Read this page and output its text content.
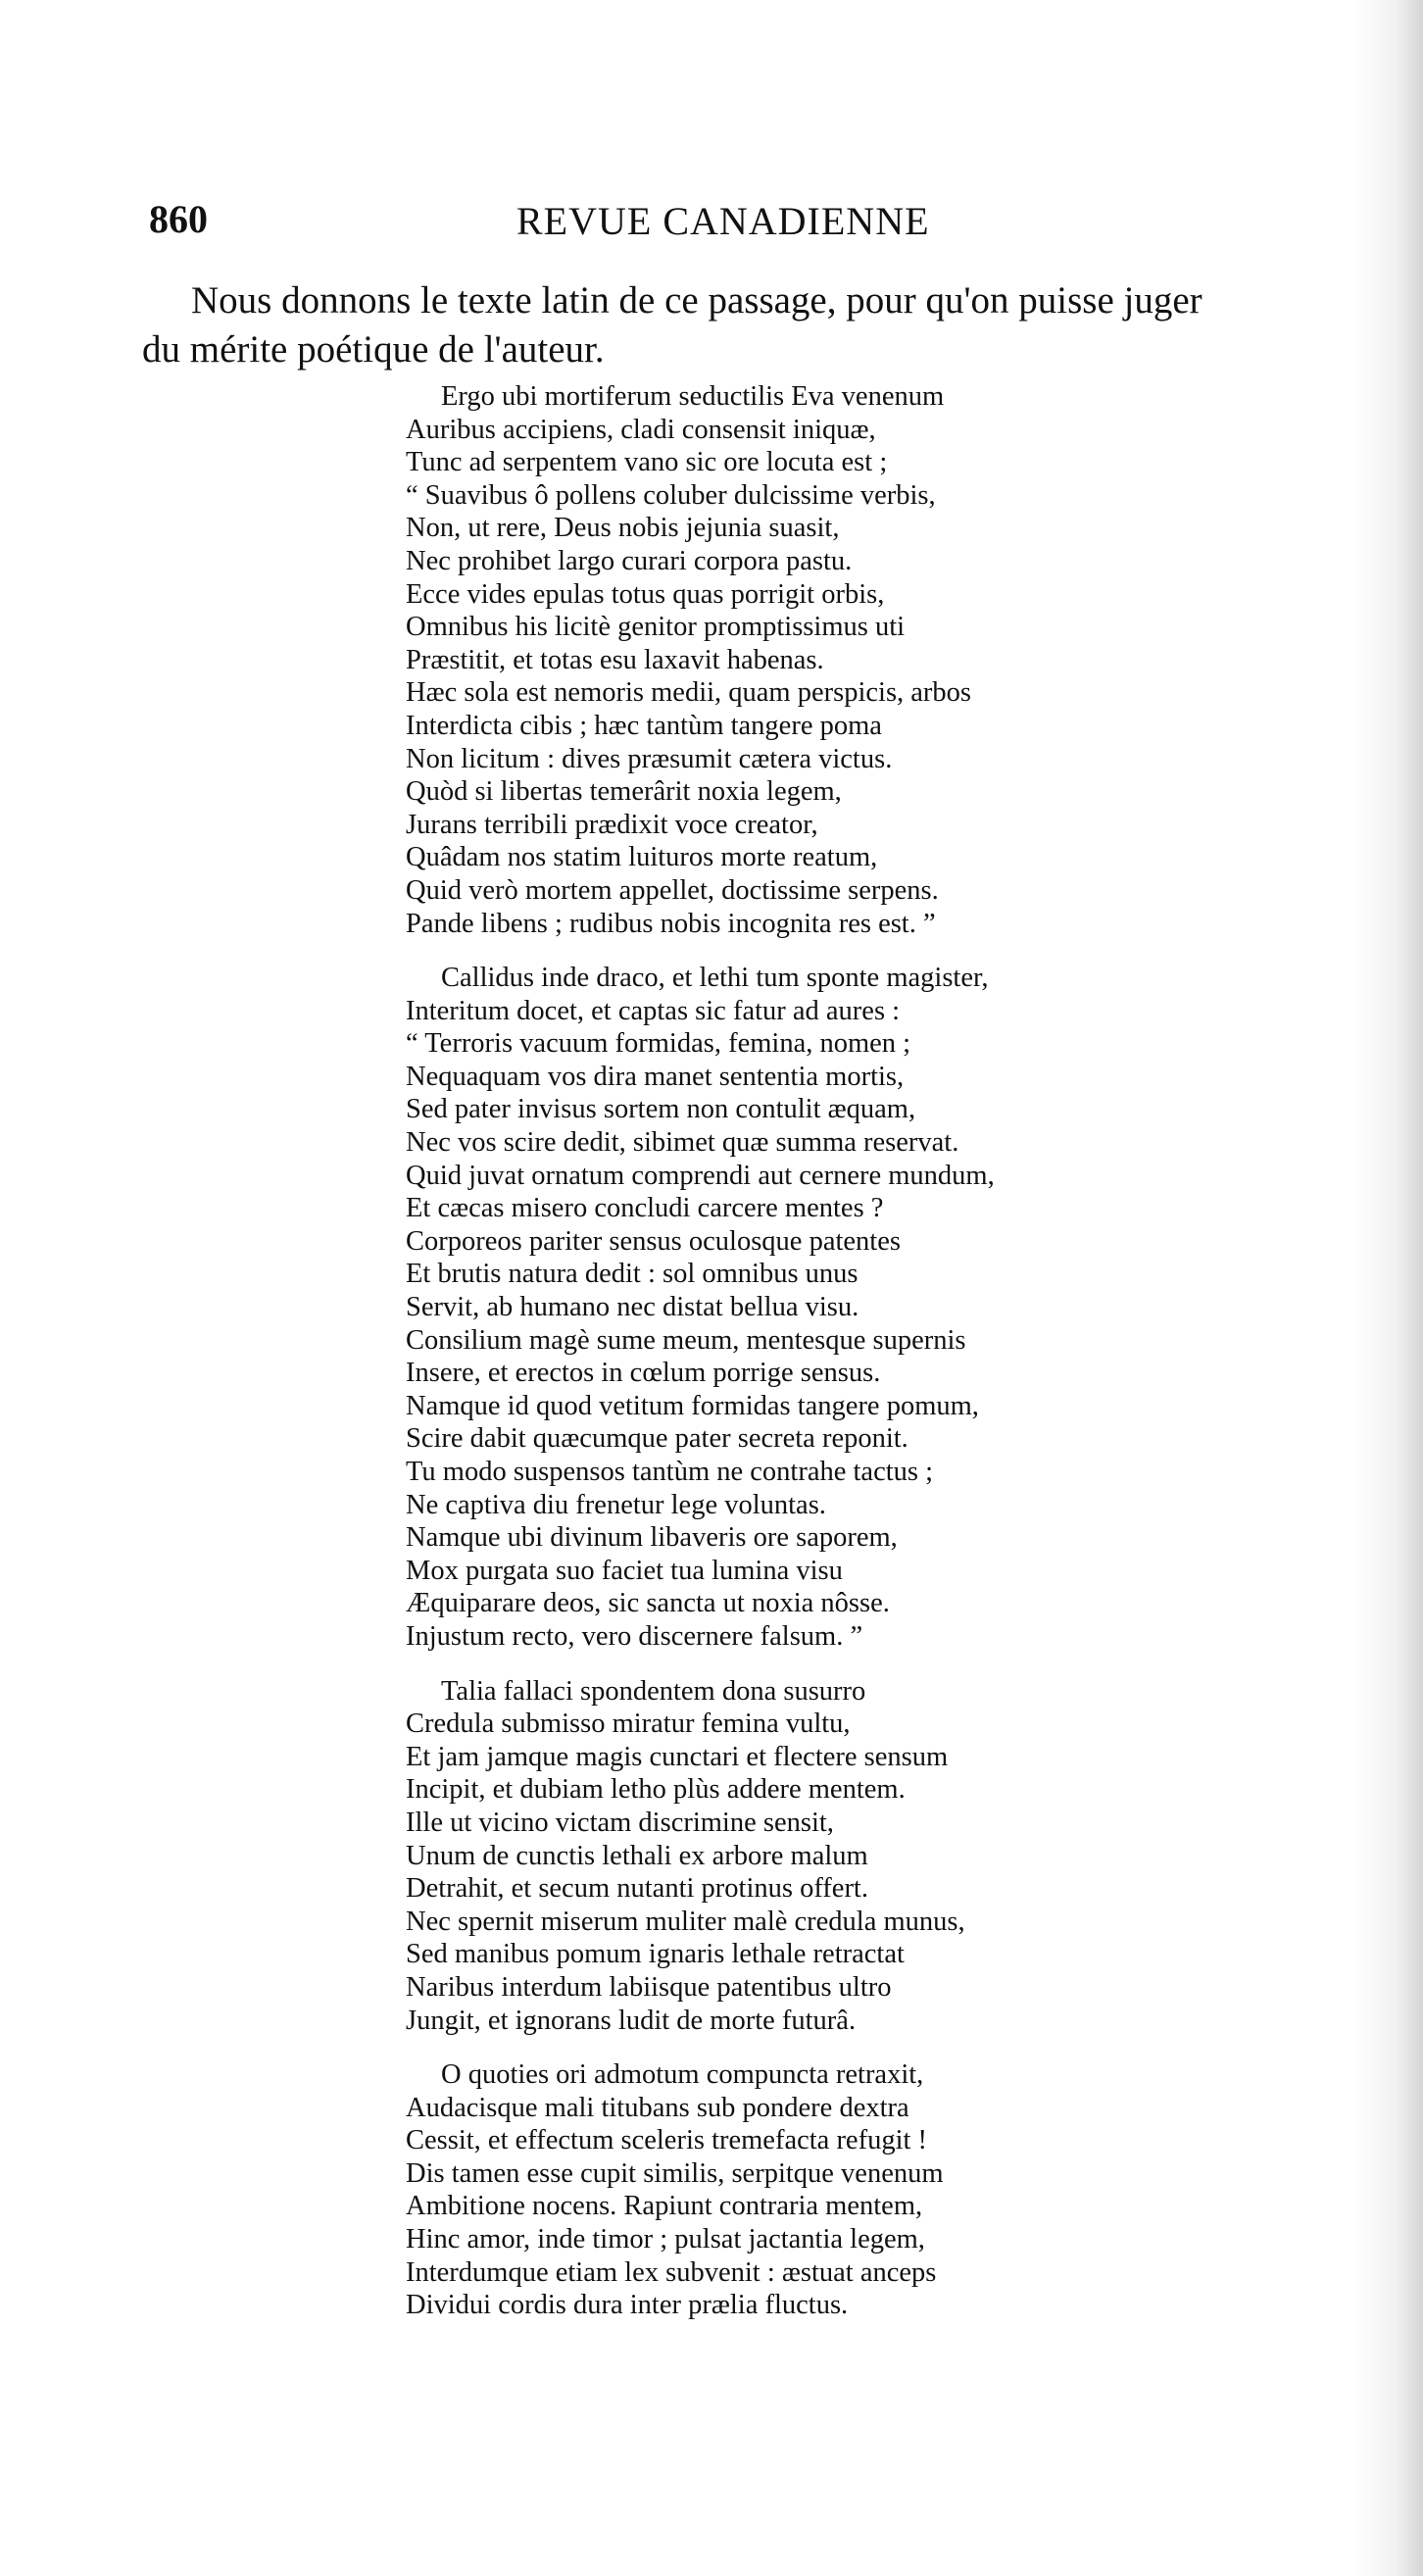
860	REVUE CANADIENNE
Nous donnons le texte latin de ce passage, pour qu'on puisse juger
du mérite poétique de l'auteur.
Ergo ubi mortiferum seductilis Eva venenum
Auribus accipiens, cladi consensit iniquæ,
Tunc ad serpentem vano sic ore locuta est ;
“ Suavibus ô pollens coluber dulcissime verbis,
Non, ut rere, Deus nobis jejunia suasit,
Nec prohibet largo curari corpora pastu.
Ecce vides epulas totus quas porrigit orbis,
Omnibus his licitè genitor promptissimus uti
Præstitit, et totas esu laxavit habenas.
Hæc sola est nemoris medii, quam perspicis, arbos
Interdicta cibis ; hæc tantùm tangere poma
Non licitum : dives præsumit cætera victus.
Quòd si libertas temerârit noxia legem,
Jurans terribili prædixit voce creator,
Quâdam nos statim luituros morte reatum,
Quid verò mortem appellet, doctissime serpens.
Pande libens ; rudibus nobis incognita res est. ”
Callidus inde draco, et lethi tum sponte magister,
Interitum docet, et captas sic fatur ad aures :
“ Terroris vacuum formidas, femina, nomen ;
Nequaquam vos dira manet sententia mortis,
Sed pater invisus sortem non contulit æquam,
Nec vos scire dedit, sibimet quæ summa reservat.
Quid juvat ornatum comprendi aut cernere mundum,
Et cæcas misero concludi carcere mentes ?
Corporeos pariter sensus oculosque patentes
Et brutis natura dedit : sol omnibus unus
Servit, ab humano nec distat bellua visu.
Consilium magè sume meum, mentesque supernis
Insere, et erectos in cœlum porrige sensus.
Namque id quod vetitum formidas tangere pomum,
Scire dabit quæcumque pater secreta reponit.
Tu modo suspensos tantùm ne contrahe tactus ;
Ne captiva diu frenetur lege voluntas.
Namque ubi divinum libaveris ore saporem,
Mox purgata suo faciet tua lumina visu
Æquiparare deos, sic sancta ut noxia nôsse.
Injustum recto, vero discernere falsum. ”
Talia fallaci spondentem dona susurro
Credula submisso miratur femina vultu,
Et jam jamque magis cunctari et flectere sensum
Incipit, et dubiam letho plùs addere mentem.
Ille ut vicino victam discrimine sensit,
Unum de cunctis lethali ex arbore malum
Detrahit, et secum nutanti protinus offert.
Nec spernit miserum muliter malè credula munus,
Sed manibus pomum ignaris lethale retractat
Naribus interdum labiisque patentibus ultro
Jungit, et ignorans ludit de morte futurâ.
O quoties ori admotum compuncta retraxit,
Audacisque mali titubans sub pondere dextra
Cessit, et effectum sceleris tremefacta refugit !
Dis tamen esse cupit similis, serpitque venenum
Ambitione nocens. Rapiunt contraria mentem,
Hinc amor, inde timor ; pulsat jactantia legem,
Interdumque etiam lex subvenit : æstuat anceps
Dividui cordis dura inter prælia fluctus.
